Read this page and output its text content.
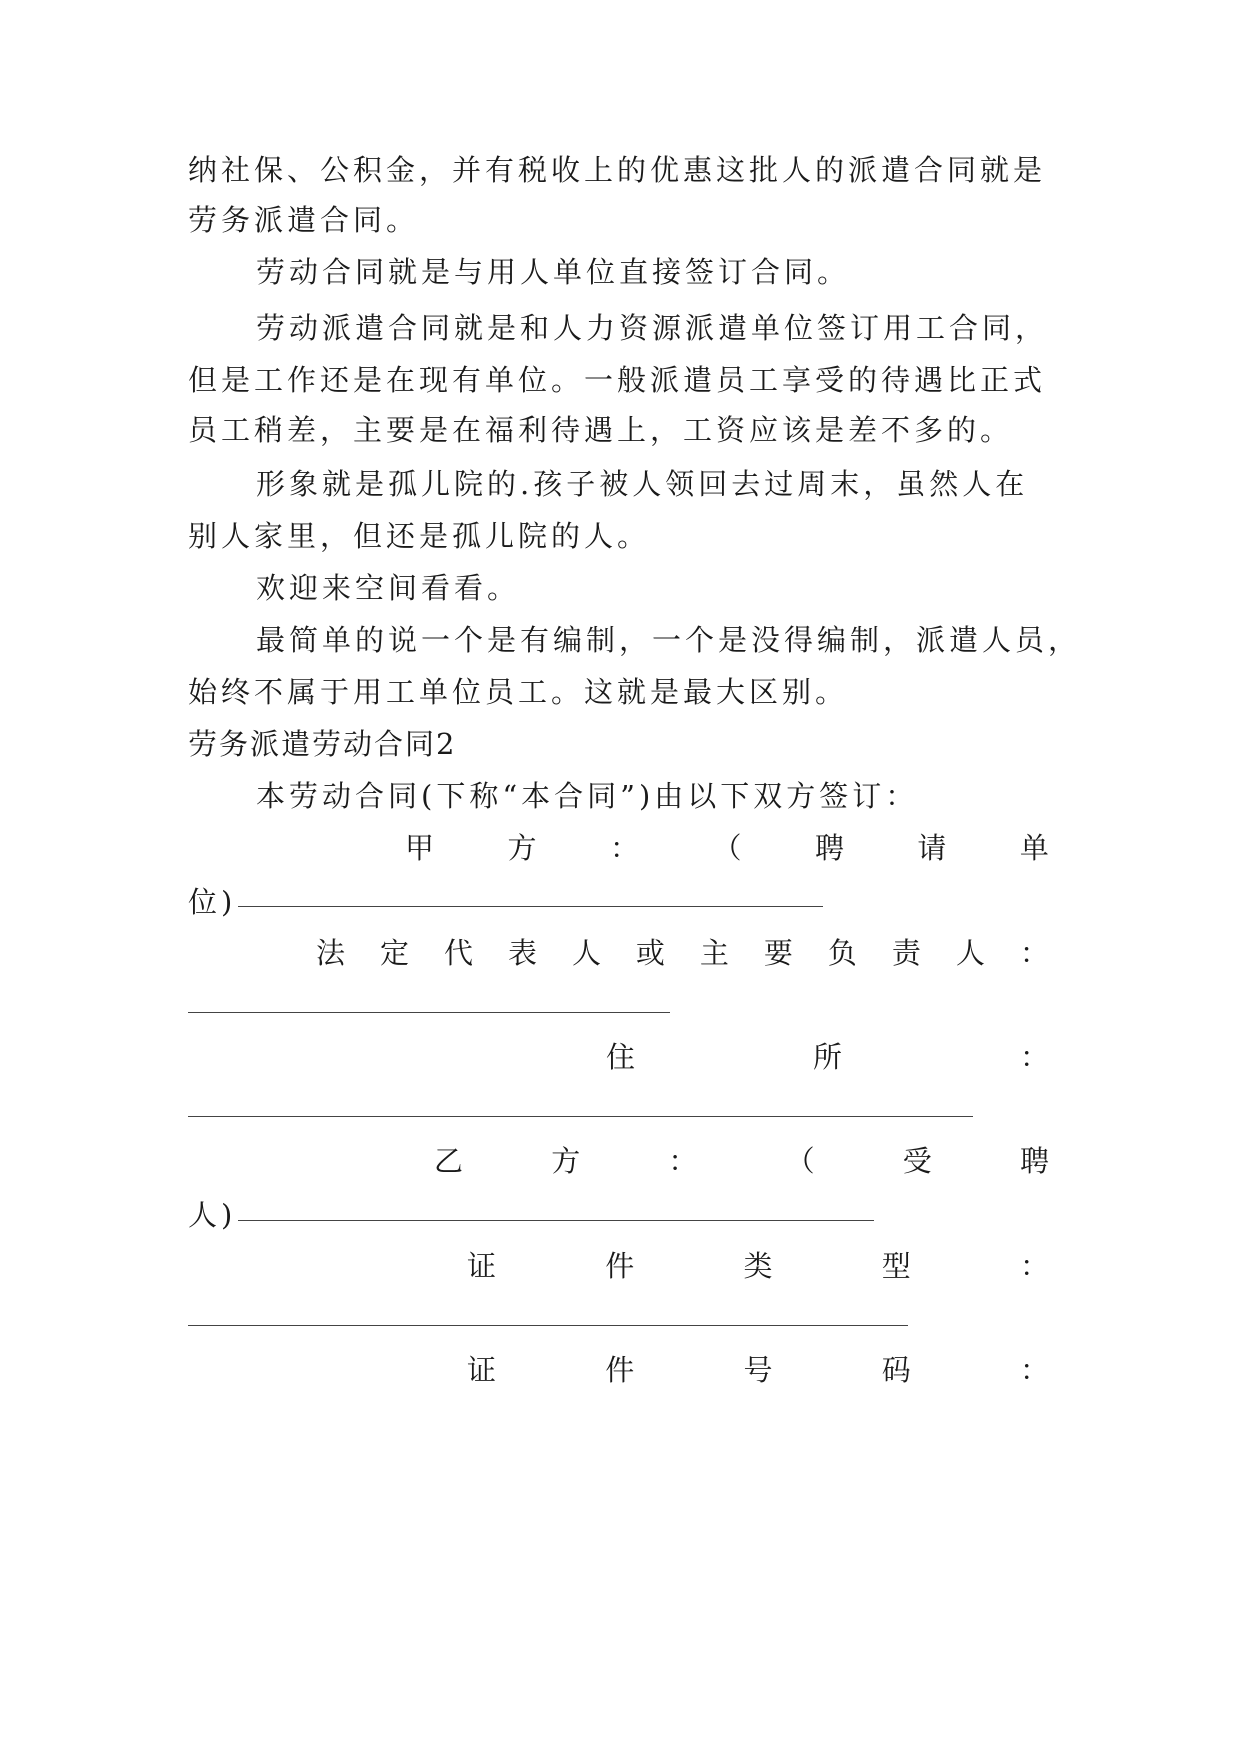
纳社保、公积金，并有税收上的优惠这批人的派遣合同就是
劳务派遣合同。
劳动合同就是与用人单位直接签订合同。
劳动派遣合同就是和人力资源派遣单位签订用工合同，
但是工作还是在现有单位。一般派遣员工享受的待遇比正式
员工稍差，主要是在福利待遇上，工资应该是差不多的。
形象就是孤儿院的.孩子被人领回去过周末，虽然人在
别人家里，但还是孤儿院的人。
欢迎来空间看看。
最简单的说一个是有编制，一个是没得编制，派遣人员，
始终不属于用工单位员工。这就是最大区别。
劳务派遣劳动合同2
本劳动合同(下称“本合同”)由以下双方签订：
甲 方 ： （ 聘 请 单
位)
法 定 代 表 人 或 主 要 负 责 人 ：
住	所	：
乙	方	：	（	受	聘
人)
证	件	类	型	：
证	件	号	码	：
